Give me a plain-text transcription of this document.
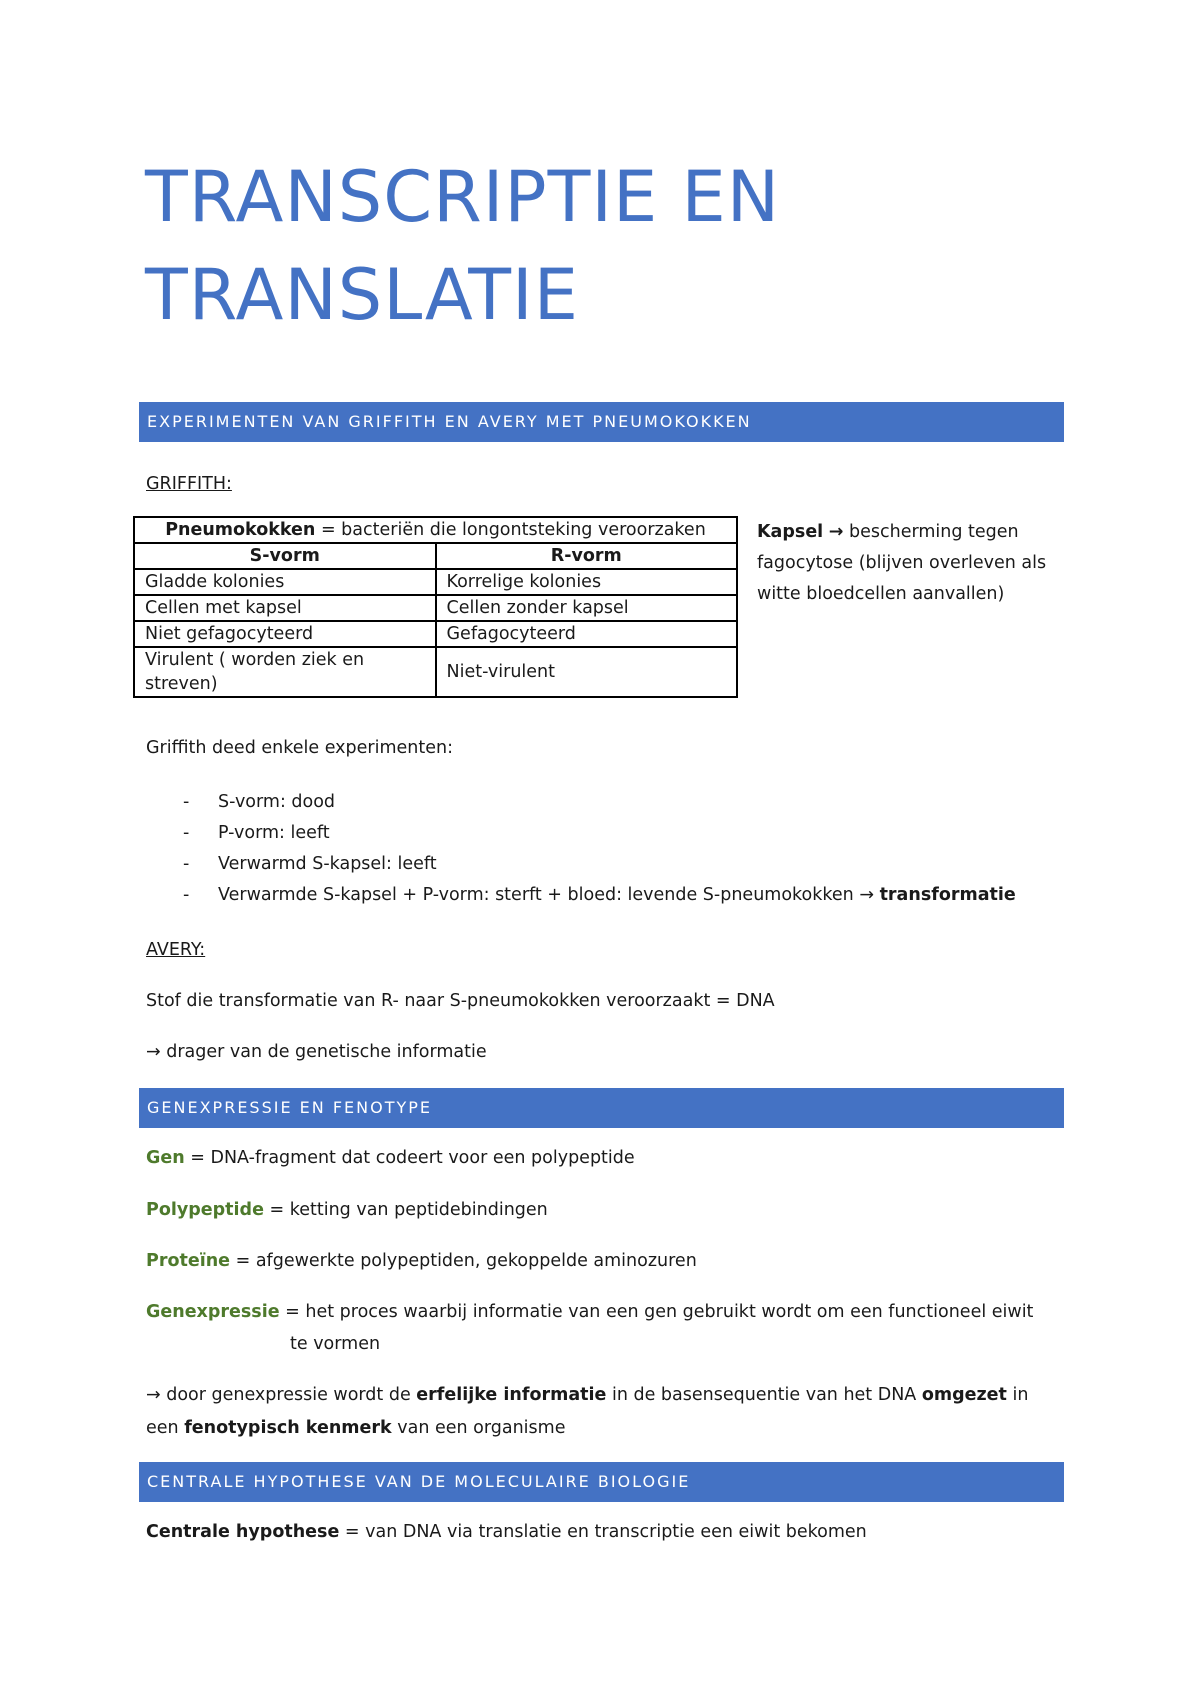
TRANSCRIPTIE EN
TRANSLATIE
EXPERIMENTEN VAN GRIFFITH EN AVERY MET PNEUMOKOKKEN
GRIFFITH:
Pneumokokken = bacteriën die longontsteking veroorzaken	
S-vorm	R-vorm
Gladde kolonies	Korrelige kolonies
Cellen met kapsel	Cellen zonder kapsel
Niet gefagocyteerd	Gefagocyteerd
Virulent ( worden ziek en streven)	Niet-virulent
Kapsel → bescherming tegen
fagocytose (blijven overleven als
witte bloedcellen aanvallen)
Griffith deed enkele experimenten:
- S-vorm: dood
- P-vorm: leeft
- Verwarmd S-kapsel: leeft
- Verwarmde S-kapsel + P-vorm: sterft + bloed: levende S-pneumokokken → transformatie
AVERY:
Stof die transformatie van R- naar S-pneumokokken veroorzaakt = DNA
→ drager van de genetische informatie
GENEXPRESSIE EN FENOTYPE
Gen = DNA-fragment dat codeert voor een polypeptide
Polypeptide = ketting van peptidebindingen
Proteïne = afgewerkte polypeptiden, gekoppelde aminozuren
Genexpressie = het proces waarbij informatie van een gen gebruikt wordt om een functioneel eiwit
te vormen
→ door genexpressie wordt de erfelijke informatie in de basensequentie van het DNA omgezet in
een fenotypisch kenmerk van een organisme
CENTRALE HYPOTHESE VAN DE MOLECULAIRE BIOLOGIE
Centrale hypothese = van DNA via translatie en transcriptie een eiwit bekomen
